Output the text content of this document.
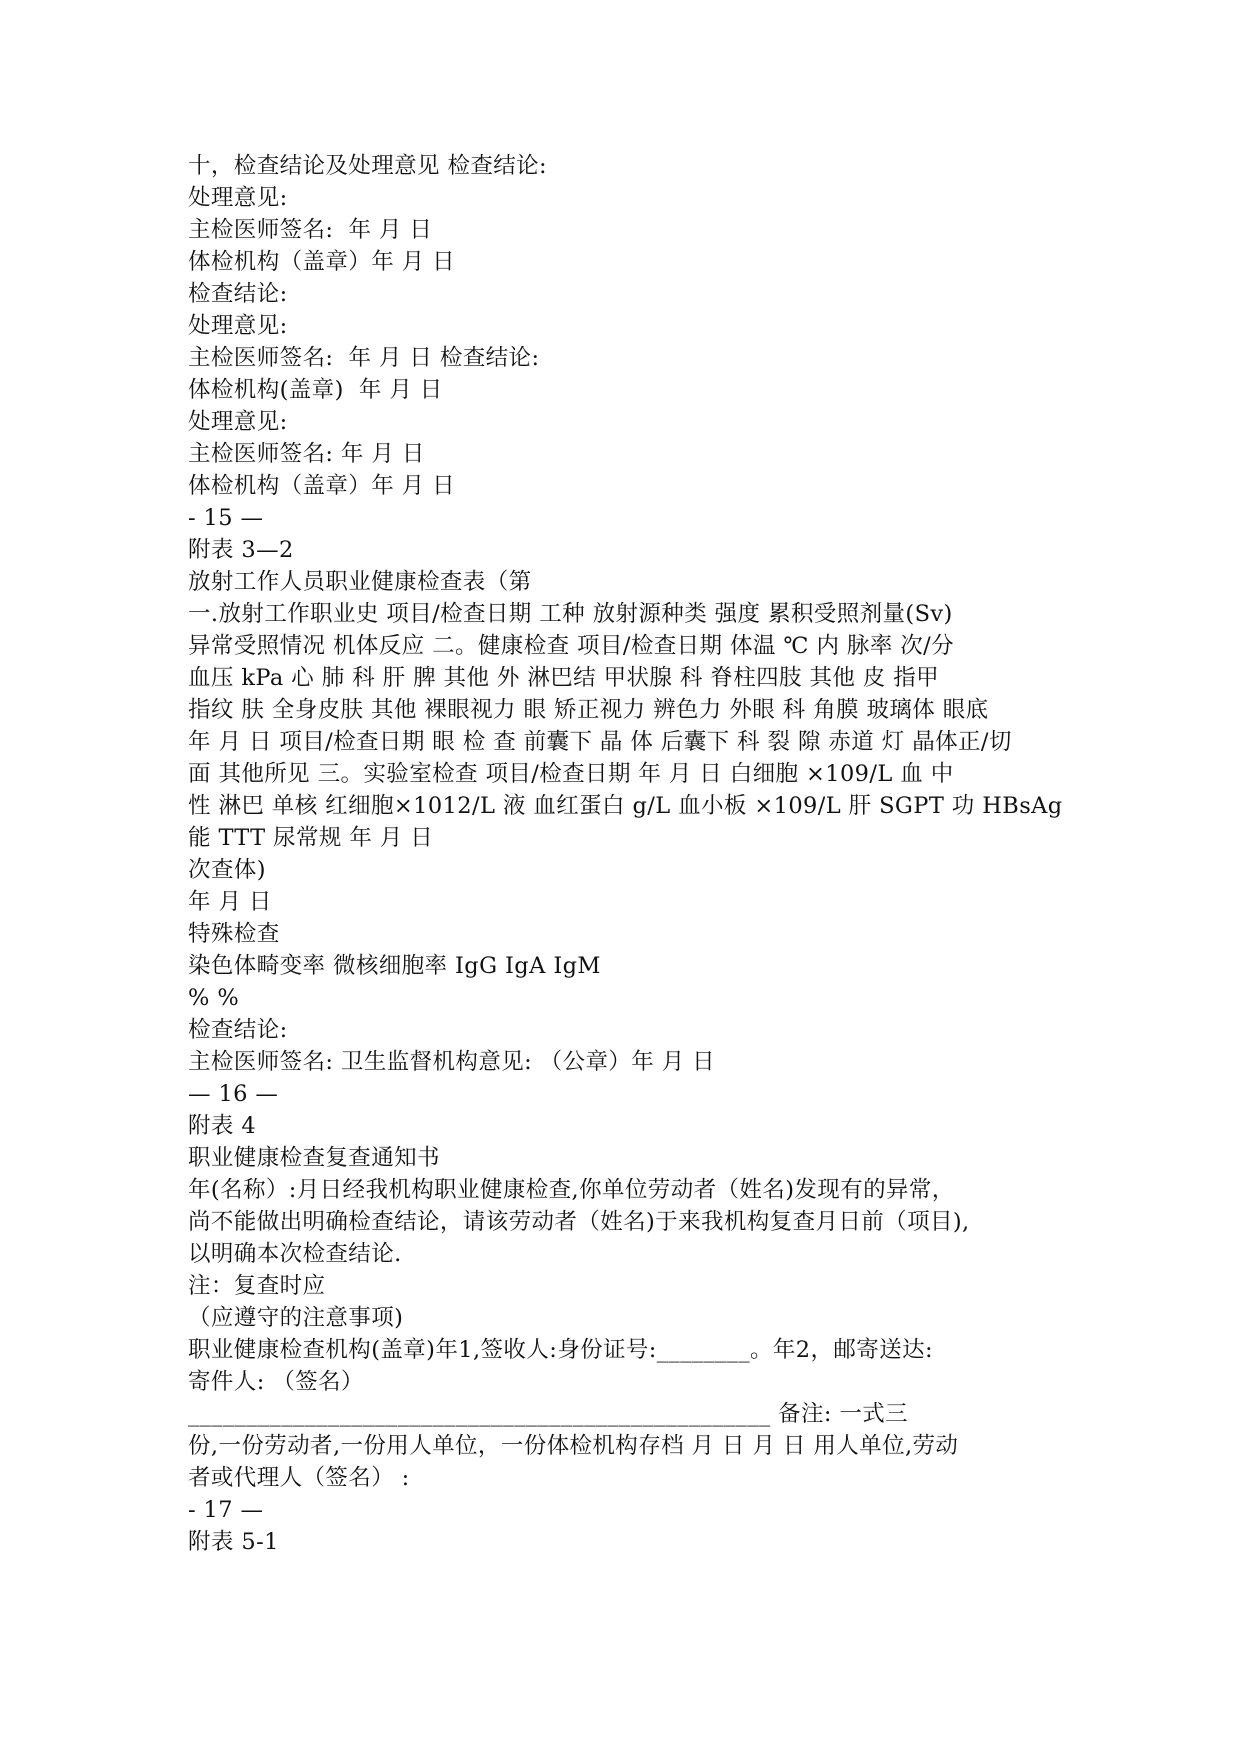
十，检查结论及处理意见 检查结论:
处理意见:
主检医师签名:  年 月 日
体检机构（盖章）年 月 日
检查结论:
处理意见:
主检医师签名:  年 月 日 检查结论:
体检机构(盖章)  年 月 日
处理意见:
主检医师签名: 年 月 日
体检机构（盖章）年 月 日
- 15 —
附表 3—2
放射工作人员职业健康检查表（第
一.放射工作职业史 项目/检查日期 工种 放射源种类 强度 累积受照剂量(Sv)
异常受照情况 机体反应 二。健康检查 项目/检查日期 体温 ℃ 内 脉率 次/分
血压 kPa 心 肺 科 肝 脾 其他 外 淋巴结 甲状腺 科 脊柱四肢 其他 皮 指甲
指纹 肤 全身皮肤 其他 裸眼视力 眼 矫正视力 辨色力 外眼 科 角膜 玻璃体 眼底
年 月 日 项目/检查日期 眼 检 查 前囊下 晶 体 后囊下 科 裂 隙 赤道 灯 晶体正/切
面 其他所见 三。实验室检查 项目/检查日期 年 月 日 白细胞 ×109/L 血 中
性 淋巴 单核 红细胞×1012/L 液 血红蛋白 g/L 血小板 ×109/L 肝 SGPT 功 HBsAg
能 TTT 尿常规 年 月 日
次查体)
年 月 日
特殊检查
染色体畸变率 微核细胞率 IgG IgA IgM
% %
检查结论:
主检医师签名: 卫生监督机构意见: （公章）年 月 日
— 16 —
附表 4
职业健康检查复查通知书
年(名称）:月日经我机构职业健康检查,你单位劳动者（姓名)发现有的异常，
尚不能做出明确检查结论，请该劳动者（姓名)于来我机构复查月日前（项目),
以明确本次检查结论.
注：复查时应
（应遵守的注意事项)
职业健康检查机构(盖章)年1,签收人:身份证号:________。年2，邮寄送达:
寄件人: （签名）
__________________________________________________ 备注: 一式三
份,一份劳动者,一份用人单位，一份体检机构存档 月 日 月 日 用人单位,劳动
者或代理人（签名） :
- 17 —
附表 5-1
